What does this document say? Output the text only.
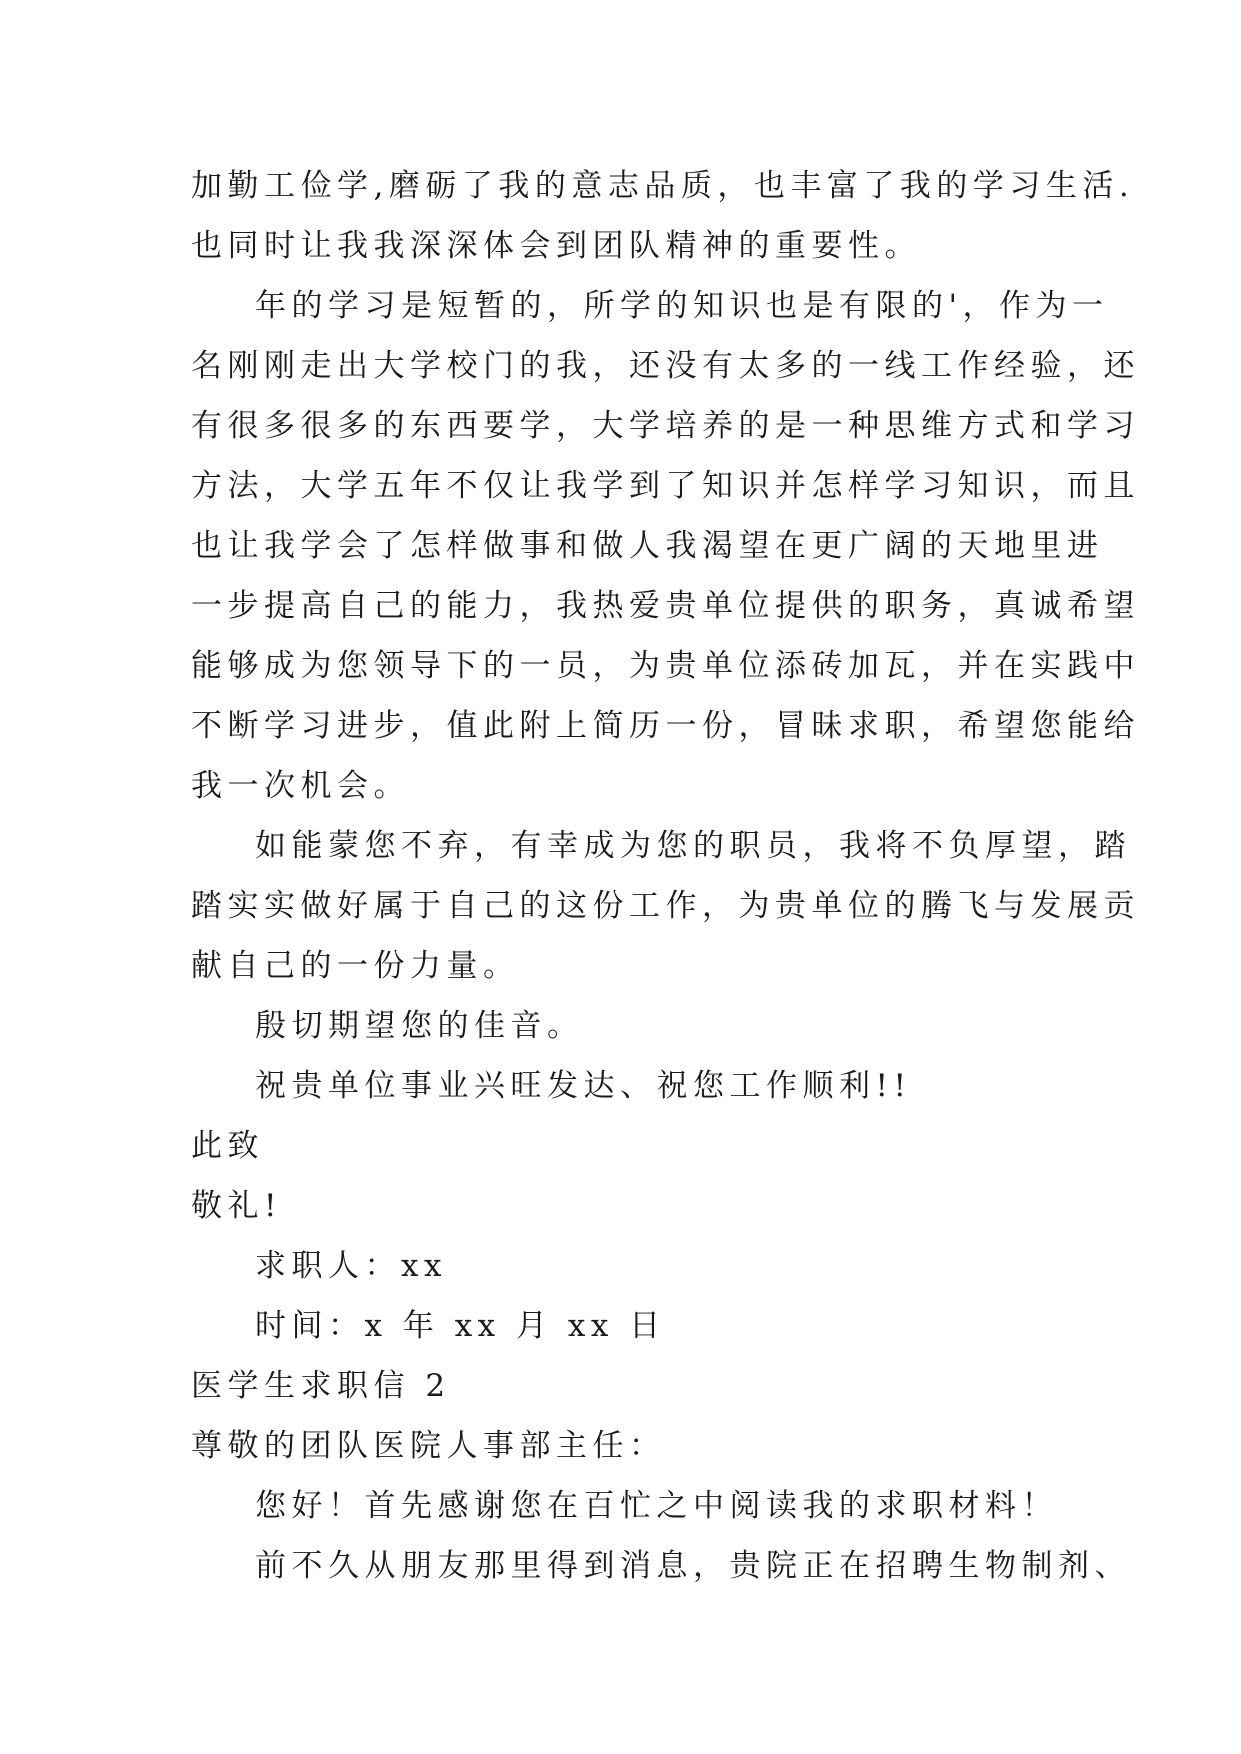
加勤工俭学,磨砺了我的意志品质，也丰富了我的学习生活.
也同时让我我深深体会到团队精神的重要性。
年的学习是短暂的，所学的知识也是有限的'，作为一
名刚刚走出大学校门的我，还没有太多的一线工作经验，还
有很多很多的东西要学，大学培养的是一种思维方式和学习
方法，大学五年不仅让我学到了知识并怎样学习知识，而且
也让我学会了怎样做事和做人我渴望在更广阔的天地里进
一步提高自己的能力，我热爱贵单位提供的职务，真诚希望
能够成为您领导下的一员，为贵单位添砖加瓦，并在实践中
不断学习进步，值此附上简历一份，冒昧求职，希望您能给
我一次机会。
如能蒙您不弃，有幸成为您的职员，我将不负厚望，踏
踏实实做好属于自己的这份工作，为贵单位的腾飞与发展贡
献自己的一份力量。
殷切期望您的佳音。
祝贵单位事业兴旺发达、祝您工作顺利!!
此致
敬礼!
求职人：xx
时间：x 年 xx 月 xx 日
医学生求职信 2
尊敬的团队医院人事部主任：
您好！首先感谢您在百忙之中阅读我的求职材料！
前不久从朋友那里得到消息，贵院正在招聘生物制剂、
